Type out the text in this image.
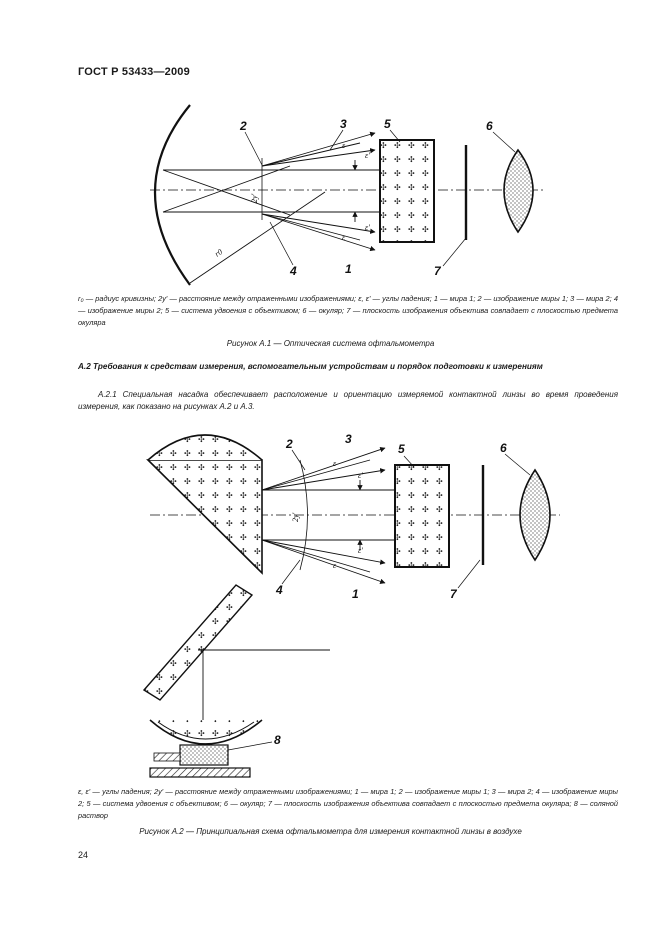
ГОСТ Р 53433—2009
2	3	5	6
4	1	7
ε
ε'
ε
ε'
r0
2y'
2	3
5	6
4	1	7
8
ε
ε'
ε
ε'
2y'
r₀ — радиус кривизны; 2y' — расстояние между отраженными изображениями; ε, ε' — углы падения; 1 — мира 1; 2 — изображение миры 1; 3 — мира 2; 4 — изображение миры 2; 5 — система удвоения с объективом; 6 — окуляр; 7 — плоскость изображения объектива совпадает с плоскостью предмета окуляра
Рисунок А.1 — Оптическая система офтальмометра
А.2 Требования к средствам измерения, вспомогательным устройствам и порядок подготовки к измерениям
А.2.1 Специальная насадка обеспечивает расположение и ориентацию измеряемой контактной линзы во время проведения измерения, как показано на рисунках А.2 и А.3.
ε, ε' — углы падения; 2y' — расстояние между отраженными изображениями; 1 — мира 1; 2 — изображение миры 1; 3 — мира 2; 4 — изображение миры 2; 5 — система удвоения с объективом; 6 — окуляр; 7 — плоскость изображения объектива совпадает с плоскостью предмета окуляра; 8 — соляной раствор
Рисунок А.2 — Принципиальная схема офтальмометра для измерения контактной линзы в воздухе
24
